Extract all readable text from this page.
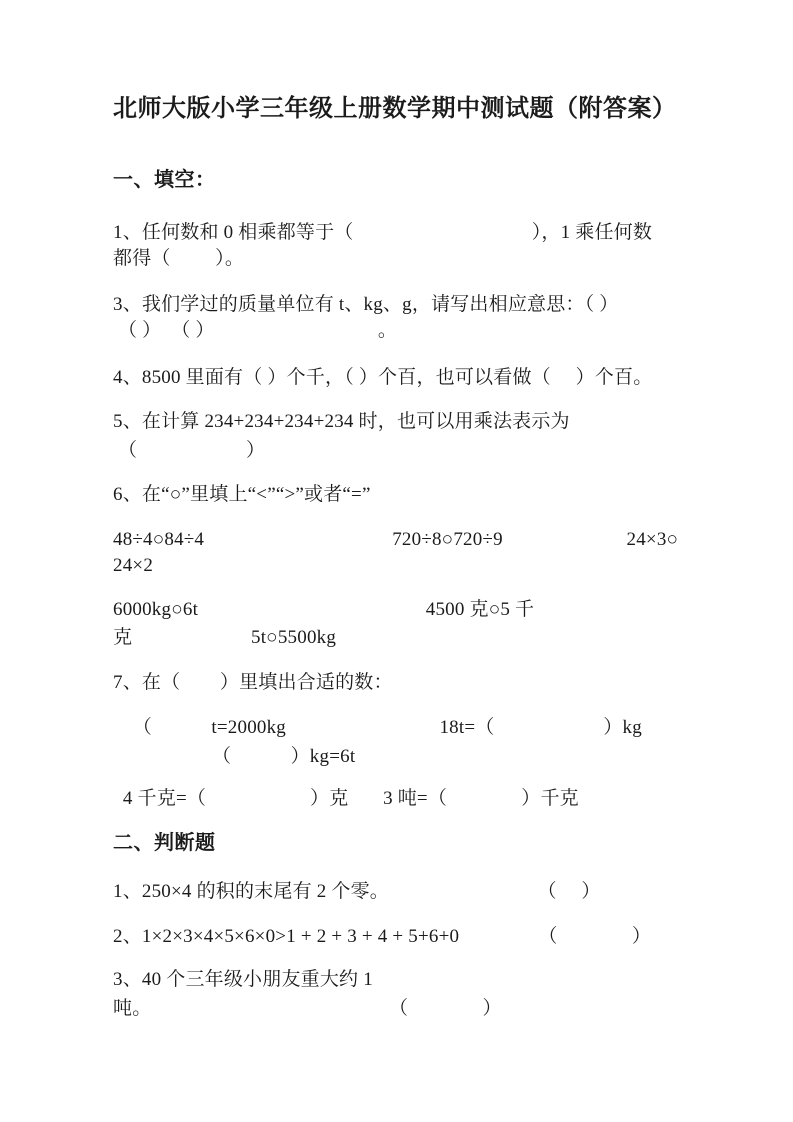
北师大版小学三年级上册数学期中测试题（附答案）
一、填空：
1、任何数和 0 相乘都等于（                                    ），1 乘任何数
都得（         ）。
3、我们学过的质量单位有 t、kg、g，请写出相应意思：（ ）
（ ）  （ ）                                 。
4、8500 里面有（ ）个千，（ ）个百，也可以看做（     ）个百。
5、在计算 234+234+234+234 时，也可以用乘法表示为
（                      ）
6、在“○”里填上“<”“>”或者“=”
48÷4○84÷4                                      720÷8○720÷9                         24×3○
24×2
6000kg○6t                                              4500 克○5 千
克                        5t○5500kg
7、在（        ）里填出合适的数：
（            t=2000kg                               18t=（                      ）kg
（            ）kg=6t
4 千克=（                     ）克       3 吨=（               ）千克
二、判断题
1、250×4 的积的末尾有 2 个零。                              （     ）
2、1×2×3×4×5×6×0>1 + 2 + 3 + 4 + 5+6+0                （               ）
3、40 个三年级小朋友重大约 1
吨。                                                （               ）
